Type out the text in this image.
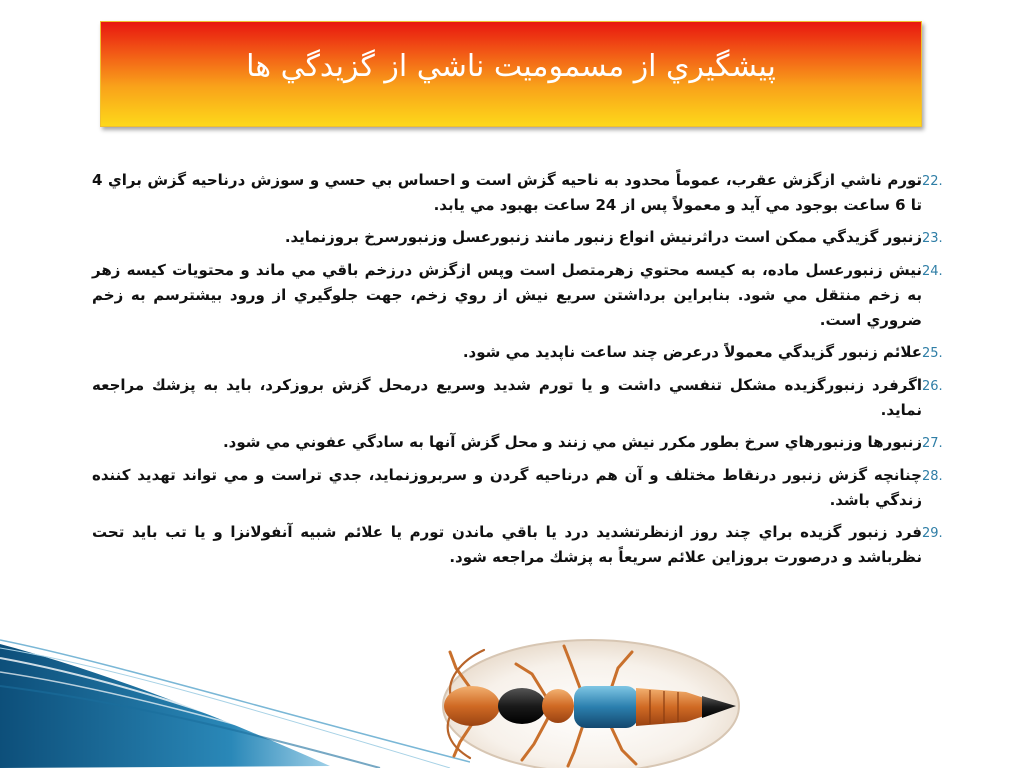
پيشگيري از مسموميت ناشي از گزيدگي ها
22.
تورم ناشي ازگزش عقرب، عموماً محدود به ناحيه گزش است و احساس بي حسي و سوزش درناحيه گزش براي 4 تا 6 ساعت بوجود مي آيد و معمولاً پس از 24 ساعت بهبود مي يابد.
23.
زنبور گزيدگي ممكن است دراثرنيش انواع زنبور مانند زنبورعسل وزنبورسرخ بروزنمايد.
24.
نيش زنبورعسل ماده، به كيسه محتوي زهرمتصل است وپس ازگزش درزخم باقي مي ماند و محتويات كيسه زهر به زخم منتقل مي شود. بنابراين برداشتن سريع نيش از روي زخم، جهت جلوگيري از ورود بيشترسم به زخم ضروري است.
25.
علائم زنبور گزيدگي معمولاً درعرض چند ساعت ناپديد مي شود.
26.
اگرفرد زنبورگزيده مشكل تنفسي داشت و يا تورم شديد وسريع درمحل گزش بروزكرد، بايد به پزشك مراجعه نمايد.
27.
زنبورها وزنبورهاي سرخ بطور مكرر نيش مي زنند و محل گزش آنها به سادگي عفوني مي شود.
28.
چنانچه گزش زنبور درنقاط مختلف و آن هم درناحيه گردن و سربروزنمايد، جدي تراست و مي تواند تهديد كننده زندگي باشد.
29.
فرد زنبور گزيده براي چند روز ازنظرتشديد درد يا باقي ماندن تورم يا علائم شبيه آنفولانزا و يا تب بايد تحت نظرباشد و درصورت بروزاين علائم سريعاً به پزشك مراجعه شود.
